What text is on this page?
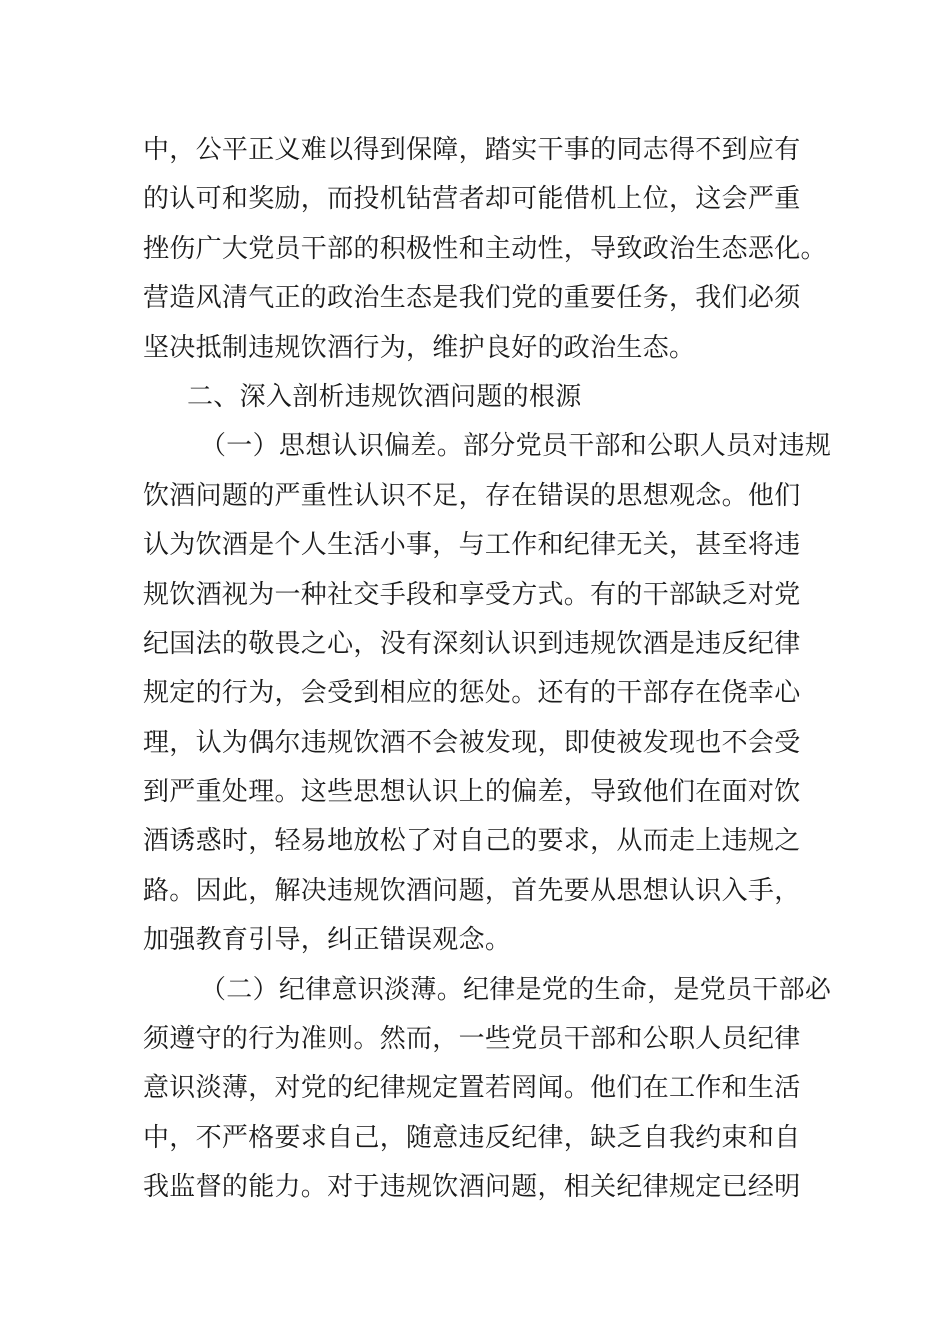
中，公平正义难以得到保障，踏实干事的同志得不到应有
的认可和奖励，而投机钻营者却可能借机上位，这会严重
挫伤广大党员干部的积极性和主动性，导致政治生态恶化。
营造风清气正的政治生态是我们党的重要任务，我们必须
坚决抵制违规饮酒行为，维护良好的政治生态。
二、深入剖析违规饮酒问题的根源
（一）思想认识偏差。部分党员干部和公职人员对违规
饮酒问题的严重性认识不足，存在错误的思想观念。他们
认为饮酒是个人生活小事，与工作和纪律无关，甚至将违
规饮酒视为一种社交手段和享受方式。有的干部缺乏对党
纪国法的敬畏之心，没有深刻认识到违规饮酒是违反纪律
规定的行为，会受到相应的惩处。还有的干部存在侥幸心
理，认为偶尔违规饮酒不会被发现，即使被发现也不会受
到严重处理。这些思想认识上的偏差，导致他们在面对饮
酒诱惑时，轻易地放松了对自己的要求，从而走上违规之
路。因此，解决违规饮酒问题，首先要从思想认识入手，
加强教育引导，纠正错误观念。
（二）纪律意识淡薄。纪律是党的生命，是党员干部必
须遵守的行为准则。然而，一些党员干部和公职人员纪律
意识淡薄，对党的纪律规定置若罔闻。他们在工作和生活
中，不严格要求自己，随意违反纪律，缺乏自我约束和自
我监督的能力。对于违规饮酒问题，相关纪律规定已经明
